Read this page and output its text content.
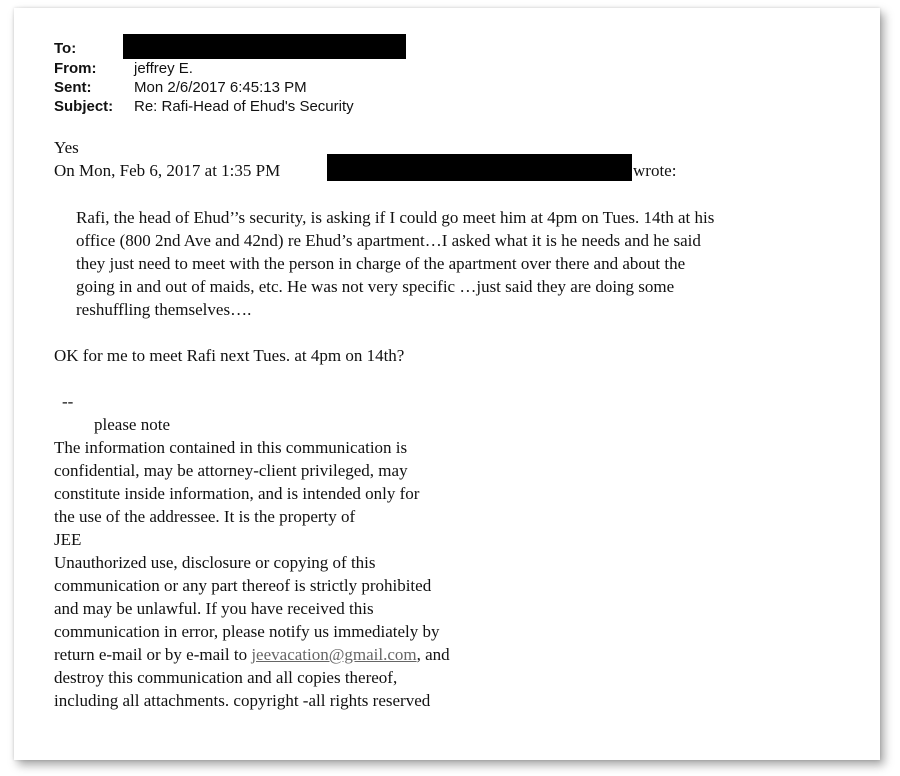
To:
From:	jeffrey E.
Sent:	Mon 2/6/2017 6:45:13 PM
Subject: Re: Rafi-Head of Ehud's Security
Yes
On Mon, Feb 6, 2017 at 1:35 PM	wrote:
Rafi, the head of Ehud’’s security, is asking if I could go meet him at 4pm on Tues. 14th at his
office (800 2nd Ave and 42nd) re Ehud’s apartment…I asked what it is he needs and he said
they just need to meet with the person in charge of the apartment over there and about the
going in and out of maids, etc. He was not very specific …just said they are doing some
reshuffling themselves….
OK for me to meet Rafi next Tues. at 4pm on 14th?
--
please note
The information contained in this communication is
confidential, may be attorney-client privileged, may
constitute inside information, and is intended only for
the use of the addressee. It is the property of
JEE
Unauthorized use, disclosure or copying of this
communication or any part thereof is strictly prohibited
and may be unlawful. If you have received this
communication in error, please notify us immediately by
return e-mail or by e-mail to jeevacation@gmail.com, and
destroy this communication and all copies thereof,
including all attachments. copyright -all rights reserved
